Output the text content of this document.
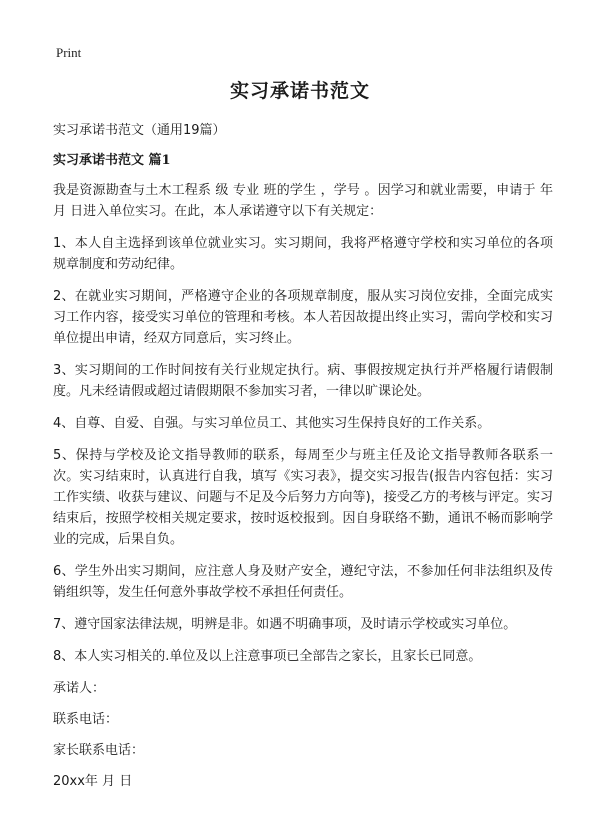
Print
实习承诺书范文
实习承诺书范文（通用19篇）
实习承诺书范文 篇1
我是资源勘查与土木工程系 级 专业 班的学生 ，学号 。因学习和就业需要，申请于 年 月 日进入单位实习。在此，本人承诺遵守以下有关规定：
1、本人自主选择到该单位就业实习。实习期间，我将严格遵守学校和实习单位的各项规章制度和劳动纪律。
2、在就业实习期间，严格遵守企业的各项规章制度，服从实习岗位安排，全面完成实习工作内容，接受实习单位的管理和考核。本人若因故提出终止实习，需向学校和实习单位提出申请，经双方同意后，实习终止。
3、实习期间的工作时间按有关行业规定执行。病、事假按规定执行并严格履行请假制度。凡未经请假或超过请假期限不参加实习者，一律以旷课论处。
4、自尊、自爱、自强。与实习单位员工、其他实习生保持良好的工作关系。
5、保持与学校及论文指导教师的联系，每周至少与班主任及论文指导教师各联系一次。实习结束时，认真进行自我，填写《实习表》，提交实习报告(报告内容包括：实习工作实绩、收获与建议、问题与不足及今后努力方向等)，接受乙方的考核与评定。实习结束后，按照学校相关规定要求，按时返校报到。因自身联络不勤，通讯不畅而影响学业的完成，后果自负。
6、学生外出实习期间，应注意人身及财产安全，遵纪守法，不参加任何非法组织及传销组织等，发生任何意外事故学校不承担任何责任。
7、遵守国家法律法规，明辨是非。如遇不明确事项，及时请示学校或实习单位。
8、本人实习相关的.单位及以上注意事项已全部告之家长，且家长已同意。
承诺人：
联系电话：
家长联系电话：
20xx年 月 日
